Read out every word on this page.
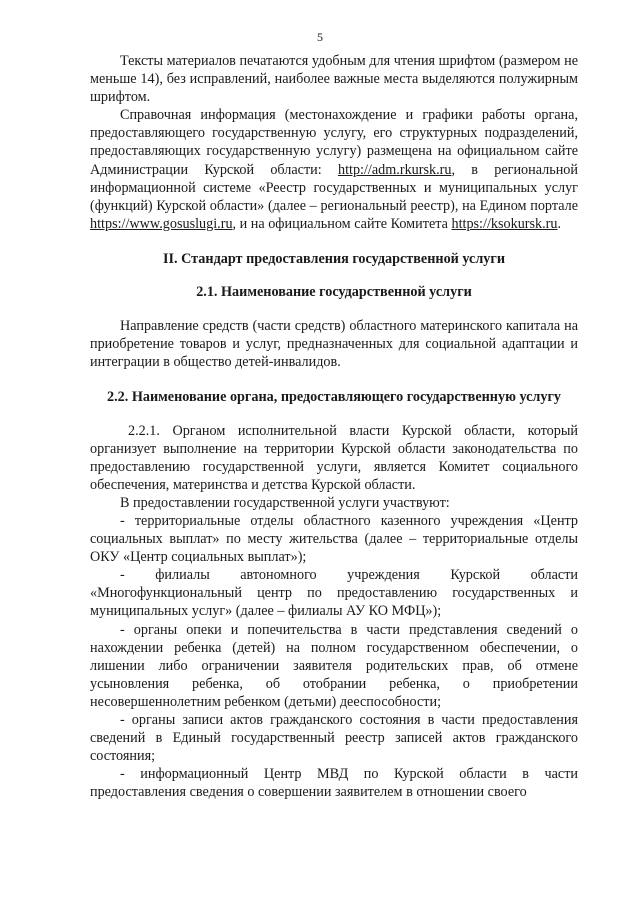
5

Тексты материалов печатаются удобным для чтения шрифтом (размером не меньше 14), без исправлений, наиболее важные места выделяются полужирным шрифтом.

Справочная информация (местонахождение и графики работы органа, предоставляющего государственную услугу, его структурных подразделений, предоставляющих государственную услугу) размещена на официальном сайте Администрации Курской области: http://adm.rkursk.ru, в региональной информационной системе «Реестр государственных и муниципальных услуг (функций) Курской области» (далее – региональный реестр), на Едином портале https://www.gosuslugi.ru, и на официальном сайте Комитета https://ksokursk.ru.

II. Стандарт предоставления государственной услуги

2.1. Наименование государственной услуги

Направление средств (части средств) областного материнского капитала на приобретение товаров и услуг, предназначенных для социальной адаптации и интеграции в общество детей-инвалидов.

2.2. Наименование органа, предоставляющего государственную услугу

2.2.1. Органом исполнительной власти Курской области, который организует выполнение на территории Курской области законодательства по предоставлению государственной услуги, является Комитет социального обеспечения, материнства и детства Курской области.

В предоставлении государственной услуги участвуют:

- территориальные отделы областного казенного учреждения «Центр социальных выплат» по месту жительства (далее – территориальные отделы ОКУ «Центр социальных выплат»);

- филиалы автономного учреждения Курской области «Многофункциональный центр по предоставлению государственных и муниципальных услуг» (далее – филиалы АУ КО МФЦ»);

- органы опеки и попечительства в части представления сведений о нахождении ребенка (детей) на полном государственном обеспечении, о лишении либо ограничении заявителя родительских прав, об отмене усыновления ребенка, об отобрании ребенка, о приобретении несовершеннолетним ребенком (детьми) дееспособности;

- органы записи актов гражданского состояния в части предоставления сведений в Единый государственный реестр записей актов гражданского состояния;

- информационный Центр МВД по Курской области в части предоставления сведения о совершении заявителем в отношении своего
